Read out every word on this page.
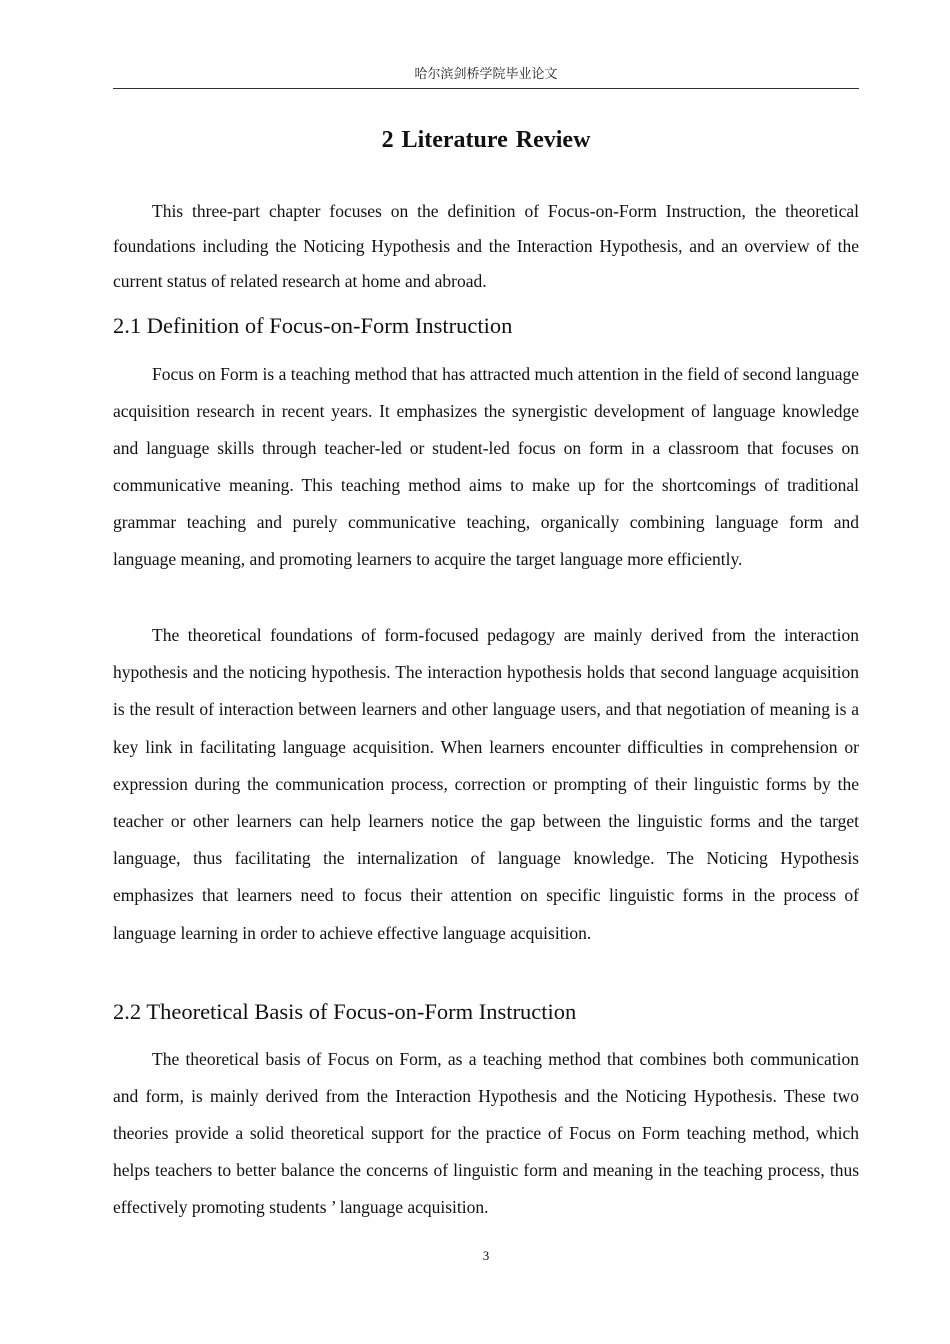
哈尔滨剑桥学院毕业论文
2 Literature Review

This three-part chapter focuses on the definition of Focus-on-Form Instruction, the theoretical foundations including the Noticing Hypothesis and the Interaction Hypothesis, and an overview of the current status of related research at home and abroad.

2.1 Definition of Focus-on-Form Instruction

Focus on Form is a teaching method that has attracted much attention in the field of second language acquisition research in recent years. It emphasizes the synergistic development of language knowledge and language skills through teacher-led or student-led focus on form in a classroom that focuses on communicative meaning. This teaching method aims to make up for the shortcomings of traditional grammar teaching and purely communicative teaching, organically combining language form and language meaning, and promoting learners to acquire the target language more efficiently.

The theoretical foundations of form-focused pedagogy are mainly derived from the interaction hypothesis and the noticing hypothesis. The interaction hypothesis holds that second language acquisition is the result of interaction between learners and other language users, and that negotiation of meaning is a key link in facilitating language acquisition. When learners encounter difficulties in comprehension or expression during the communication process, correction or prompting of their linguistic forms by the teacher or other learners can help learners notice the gap between the linguistic forms and the target language, thus facilitating the internalization of language knowledge. The Noticing Hypothesis emphasizes that learners need to focus their attention on specific linguistic forms in the process of language learning in order to achieve effective language acquisition.

2.2 Theoretical Basis of Focus-on-Form Instruction

The theoretical basis of Focus on Form, as a teaching method that combines both communication and form, is mainly derived from the Interaction Hypothesis and the Noticing Hypothesis. These two theories provide a solid theoretical support for the practice of Focus on Form teaching method, which helps teachers to better balance the concerns of linguistic form and meaning in the teaching process, thus effectively promoting students ’ language acquisition.

3
